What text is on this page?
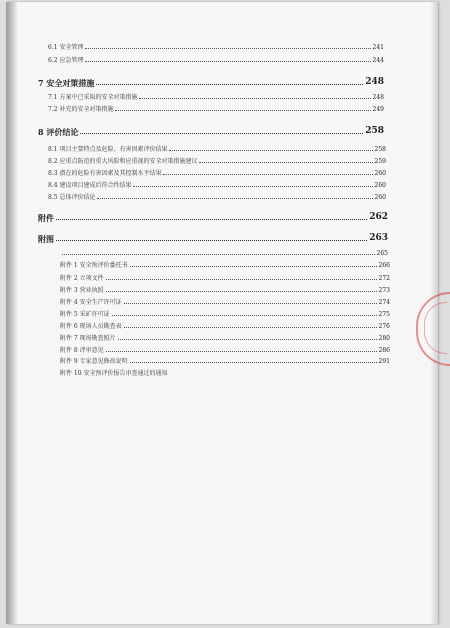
6.1 安全管理	241
6.2 应急管理	244
7 安全对策措施	248
7.1 方案中已采取的安全对策措施	248
7.2 补充的安全对策措施	249
8 评价结论	258
8.1 项目主要特点及危险、有害因素评价结果	258
8.2 应重点防范的重大风险和应重视的安全对策措施建议	259
8.3 潜在的危险有害因素及其控制水平结果	260
8.4 建设项目建成后符合性结果	260
8.5 总体评价结论	260
附件	262
附图	263
265
附件 1 安全预评价委托书	266
附件 2 立项文件	272
附件 3 营业执照	273
附件 4 安全生产许可证	274
附件 5 采矿许可证	275
附件 6 现场人员勘查表	276
附件 7 现场勘查照片	280
附件 8 评审意见	286
附件 9 专家意见修改说明	291
附件 10 安全预评价报告审查通过的通知
